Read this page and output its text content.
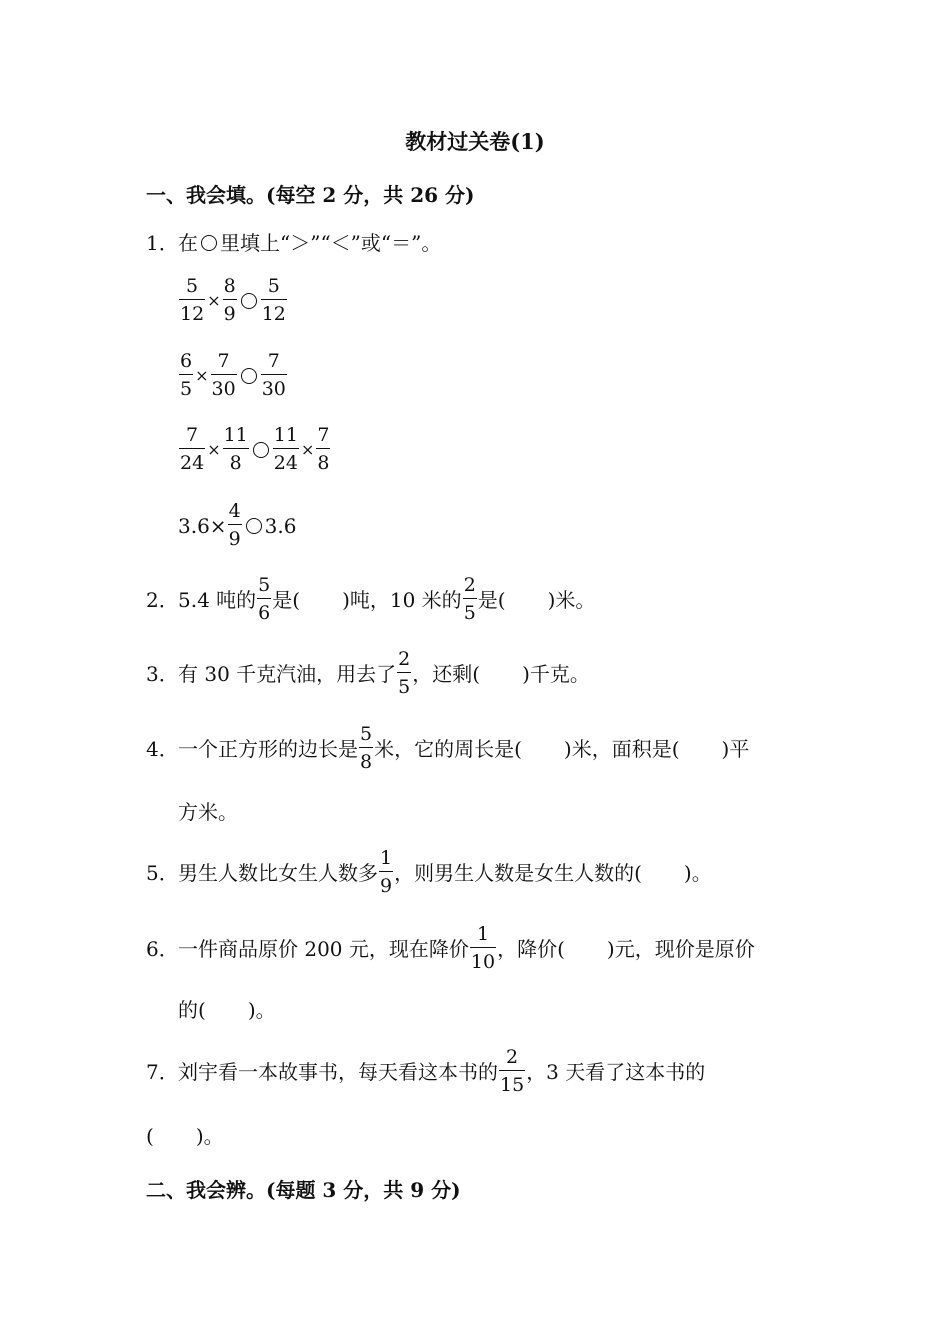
教材过关卷(1)
一、我会填。(每空 2 分，共 26 分)
1． 在 里填上“＞”“＜”或“＝”。
$\frac{5}{12} \times \frac{8}{9} \frac{5}{12}$
$\frac{6}{5} \times \frac{7}{30} \frac{7}{30}$
$\frac{7}{24} \times \frac{11}{8} \frac{11}{24} \times \frac{7}{8}$
$3.6\times \frac{4}{9} 3.6$
2． 5.4 吨的 $\frac{5}{6}$ 是( )吨，10 米的 $\frac{2}{5}$ 是( )米。
3． 有 30 千克汽油，用去了 $\frac{2}{5}$ ，还剩( )千克。
4． 一个正方形的边长是 $\frac{5}{8}$ 米，它的周长是( )米，面积是( )平
方米。
5． 男生人数比女生人数多 $\frac{1}{9}$ ，则男生人数是女生人数的( )。
6． 一件商品原价 200 元，现在降价 $\frac{1}{10}$ ，降价( )元，现价是原价
的( )。
7． 刘宇看一本故事书，每天看这本书的 $\frac{2}{15}$ ，3 天看了这本书的
( )。
二、我会辨。(每题 3 分，共 9 分)
